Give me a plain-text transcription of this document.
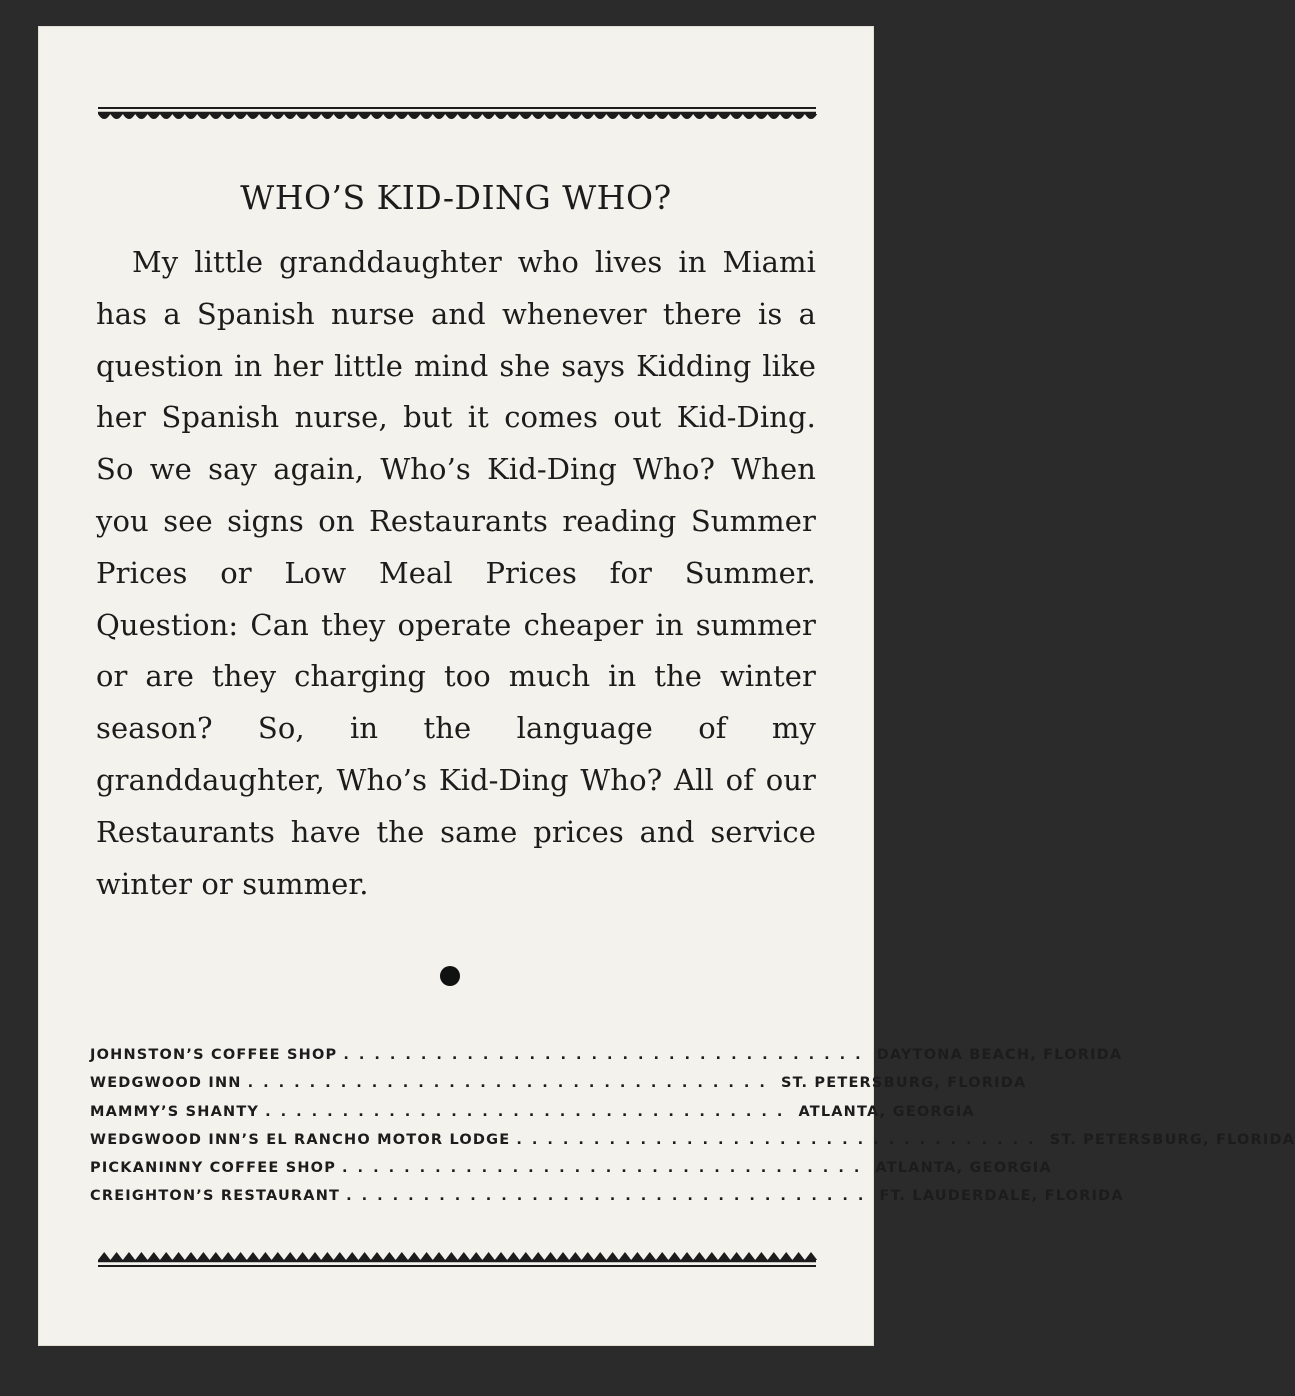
WHO’S KID-DING WHO?

My little granddaughter who lives in Miami has a Spanish nurse and whenever there is a question in her little mind she says Kidding like her Spanish nurse, but it comes out Kid-Ding. So we say again, Who’s Kid-Ding Who? When you see signs on Restaurants reading Summer Prices or Low Meal Prices for Summer. Question: Can they operate cheaper in summer or are they charging too much in the winter season? So, in the language of my granddaughter, Who’s Kid-Ding Who? All of our Restaurants have the same prices and service winter or summer.

JOHNSTON’S COFFEE SHOP .................................. DAYTONA BEACH, FLORIDA
WEDGWOOD INN .................................. ST. PETERSBURG, FLORIDA
MAMMY’S SHANTY .................................. ATLANTA, GEORGIA
WEDGWOOD INN’S EL RANCHO MOTOR LODGE .................................. ST. PETERSBURG, FLORIDA
PICKANINNY COFFEE SHOP .................................. ATLANTA, GEORGIA
CREIGHTON’S RESTAURANT .................................. FT. LAUDERDALE, FLORIDA
